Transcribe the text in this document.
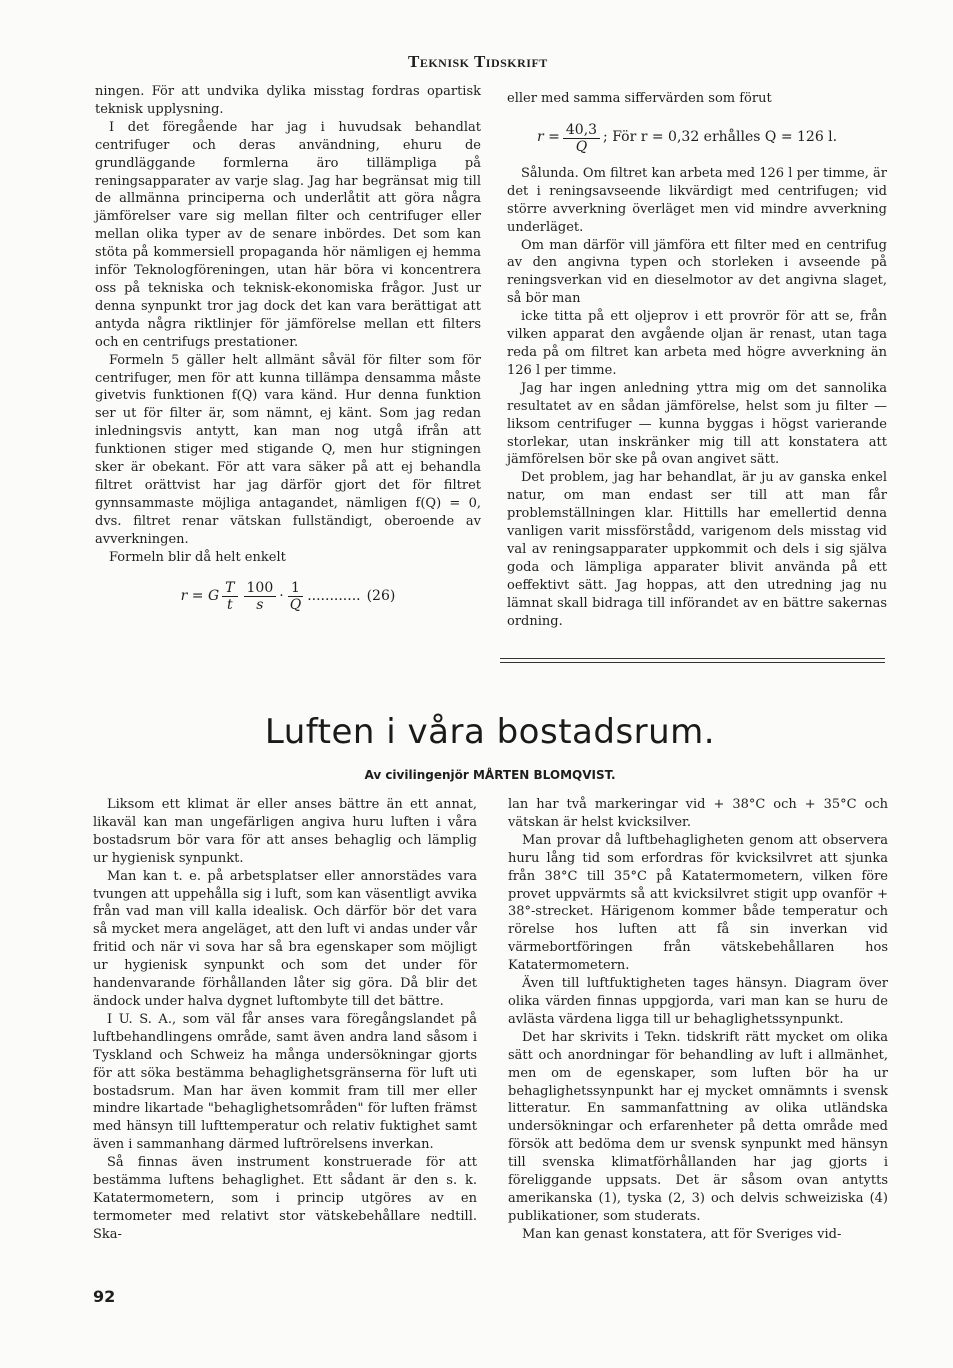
Teknisk Tidskrift

ningen. För att undvika dylika misstag fordras opartisk teknisk upplysning.

I det föregående har jag i huvudsak behandlat centrifuger och deras användning, ehuru de grundläggande formlerna äro tillämpliga på reningsapparater av varje slag. Jag har begränsat mig till de allmänna principerna och underlåtit att göra några jämförelser vare sig mellan filter och centrifuger eller mellan olika typer av de senare inbördes. Det som kan stöta på kommersiell propaganda hör nämligen ej hemma inför Teknologföreningen, utan här böra vi koncentrera oss på tekniska och teknisk-ekonomiska frågor. Just ur denna synpunkt tror jag dock det kan vara berättigat att antyda några riktlinjer för jämförelse mellan ett filters och en centrifugs prestationer.

Formeln 5 gäller helt allmänt såväl för filter som för centrifuger, men för att kunna tillämpa densamma måste givetvis funktionen f(Q) vara känd. Hur denna funktion ser ut för filter är, som nämnt, ej känt. Som jag redan inledningsvis antytt, kan man nog utgå ifrån att funktionen stiger med stigande Q, men hur stigningen sker är obekant. För att vara säker på att ej behandla filtret orättvist har jag därför gjort det för filtret gynnsammaste möjliga antagandet, nämligen f(Q) = 0, dvs. filtret renar vätskan fullständigt, oberoende av avverkningen.

Formeln blir då helt enkelt

r = G $\frac{T}{t} \frac{100}{s} \cdot \frac{1}{Q}$ ............ (26)

eller med samma siffervärden som förut

$r = \frac{40,3}{Q}$ ; För r = 0,32 erhålles Q = 126 l.

Sålunda. Om filtret kan arbeta med 126 l per timme, är det i reningsavseende likvärdigt med centrifugen; vid större avverkning överläget men vid mindre avverkning underläget.

Om man därför vill jämföra ett filter med en centrifug av den angivna typen och storleken i avseende på reningsverkan vid en dieselmotor av det angivna slaget, så bör man

icke titta på ett oljeprov i ett provrör för att se, från vilken apparat den avgående oljan är renast, utan taga reda på om filtret kan arbeta med högre avverkning än 126 l per timme.

Jag har ingen anledning yttra mig om det sannolika resultatet av en sådan jämförelse, helst som ju filter — liksom centrifuger — kunna byggas i högst varierande storlekar, utan inskränker mig till att konstatera att jämförelsen bör ske på ovan angivet sätt.

Det problem, jag har behandlat, är ju av ganska enkel natur, om man endast ser till att man får problemställningen klar. Hittills har emellertid denna vanligen varit missförstådd, varigenom dels misstag vid val av reningsapparater uppkommit och dels i sig själva goda och lämpliga apparater blivit använda på ett oeffektivt sätt. Jag hoppas, att den utredning jag nu lämnat skall bidraga till införandet av en bättre sakernas ordning.

Luften i våra bostadsrum.
Av civilingenjör MÅRTEN BLOMQVIST.

Liksom ett klimat är eller anses bättre än ett annat, likaväl kan man ungefärligen angiva huru luften i våra bostadsrum bör vara för att anses behaglig och lämplig ur hygienisk synpunkt.

Man kan t. e. på arbetsplatser eller annorstädes vara tvungen att uppehålla sig i luft, som kan väsentligt avvika från vad man vill kalla idealisk. Och därför bör det vara så mycket mera angeläget, att den luft vi andas under vår fritid och när vi sova har så bra egenskaper som möjligt ur hygienisk synpunkt och som det under för handenvarande förhållanden låter sig göra. Då blir det ändock under halva dygnet luftombyte till det bättre.

I U. S. A., som väl får anses vara föregångslandet på luftbehandlingens område, samt även andra land såsom i Tyskland och Schweiz ha många undersökningar gjorts för att söka bestämma behaglighetsgränserna för luft uti bostadsrum. Man har även kommit fram till mer eller mindre likartade "behaglighetsområden" för luften främst med hänsyn till lufttemperatur och relativ fuktighet samt även i sammanhang därmed luftrörelsens inverkan.

Så finnas även instrument konstruerade för att bestämma luftens behaglighet. Ett sådant är den s. k. Katatermometern, som i princip utgöres av en termometer med relativt stor vätskebehållare nedtill. Ska-

lan har två markeringar vid + 38°C och + 35°C och vätskan är helst kvicksilver.

Man provar då luftbehagligheten genom att observera huru lång tid som erfordras för kvicksilvret att sjunka från 38°C till 35°C på Katatermometern, vilken före provet uppvärmts så att kvicksilvret stigit upp ovanför + 38°-strecket. Härigenom kommer både temperatur och rörelse hos luften att få sin inverkan vid värmebortföringen från vätskebehållaren hos Katatermometern.

Även till luftfuktigheten tages hänsyn. Diagram över olika värden finnas uppgjorda, vari man kan se huru de avlästa värdena ligga till ur behaglighetssynpunkt.

Det har skrivits i Tekn. tidskrift rätt mycket om olika sätt och anordningar för behandling av luft i allmänhet, men om de egenskaper, som luften bör ha ur behaglighetssynpunkt har ej mycket omnämnts i svensk litteratur. En sammanfattning av olika utländska undersökningar och erfarenheter på detta område med försök att bedöma dem ur svensk synpunkt med hänsyn till svenska klimatförhållanden har jag gjorts i föreliggande uppsats. Det är såsom ovan antytts amerikanska (1), tyska (2, 3) och delvis schweiziska (4) publikationer, som studerats.

Man kan genast konstatera, att för Sveriges vid-

92
